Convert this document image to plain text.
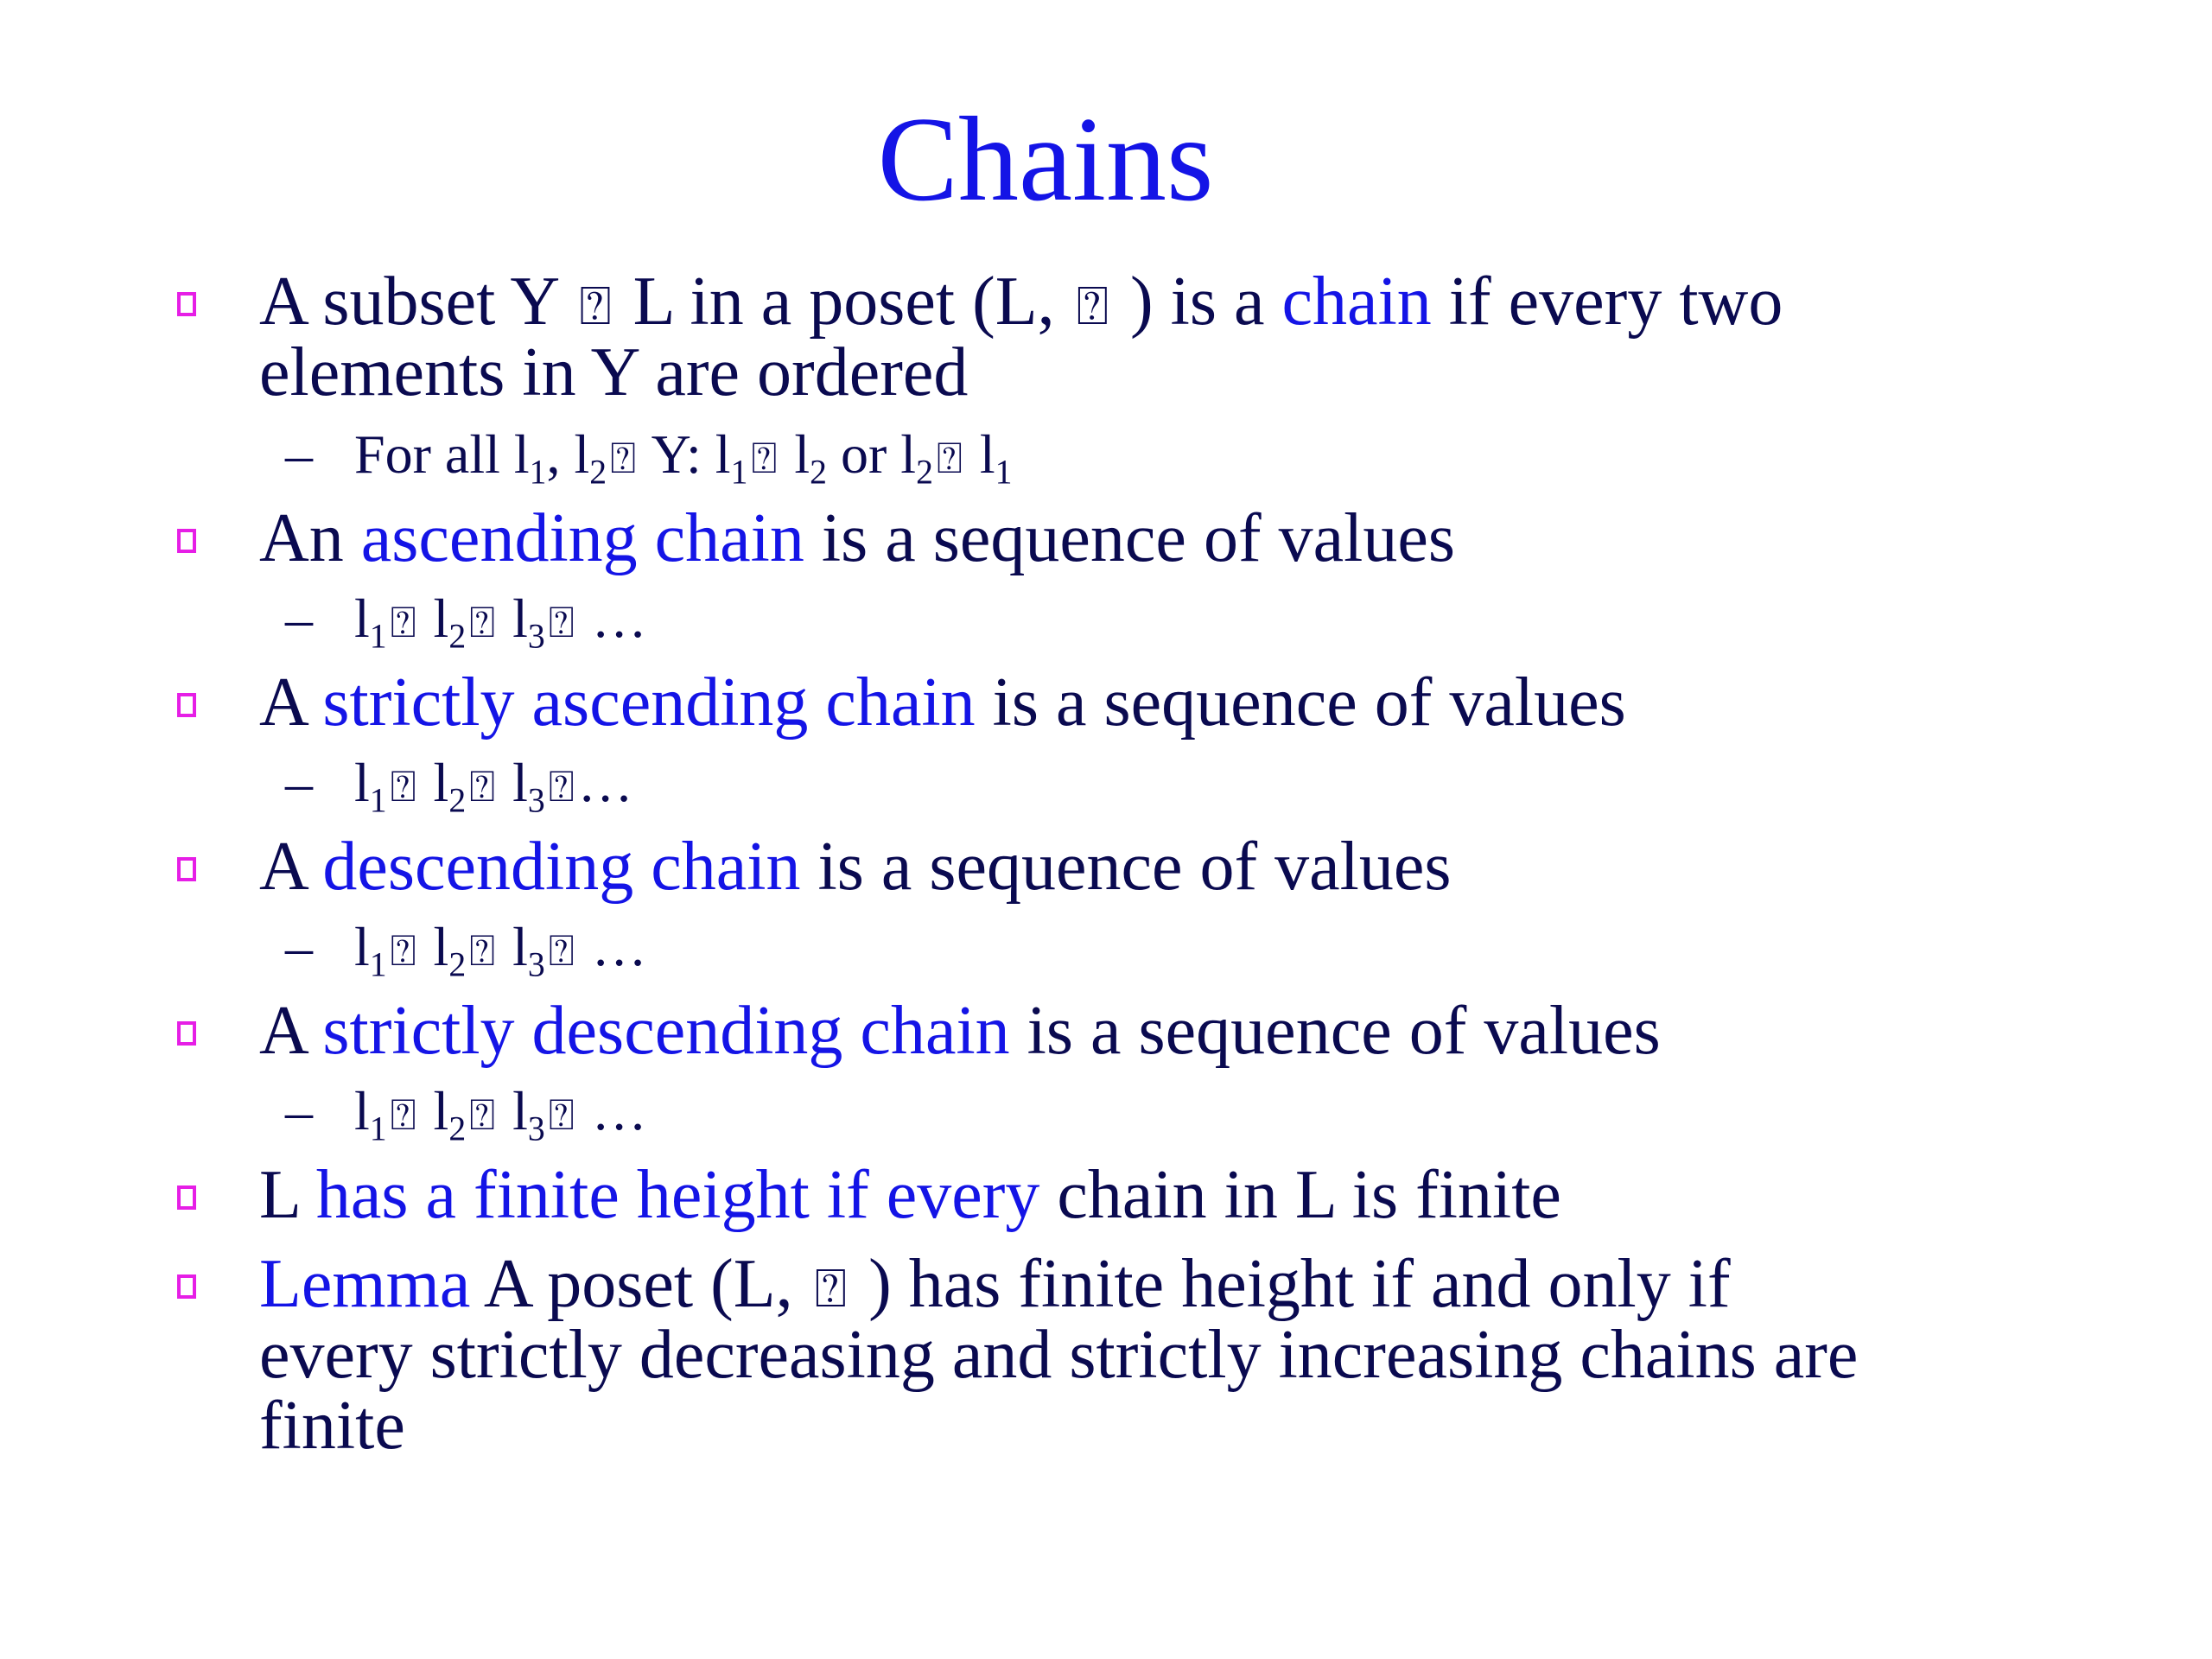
Chains
A subset Y ⍰ L in a poset (L, ⍰ ) is a chain if every two
elements in Y are ordered
– For all $l_1$, $l_2⍰$ Y: $l_1⍰$ $l_2$ or $l_2⍰$ $l_1$
An ascending chain is a sequence of values
– $l_1⍰$ $l_2⍰$ $l_3⍰$ …
A strictly ascending chain is a sequence of values
– $l_1⍰$ $l_2⍰$ $l_3⍰\dots$
A descending chain is a sequence of values
– $l_1⍰$ $l_2⍰$ $l_3⍰$ …
A strictly descending chain is a sequence of values
– $l_1⍰$ $l_2⍰$ $l_3⍰$ …
L has a finite height if every chain in L is finite
Lemma A poset (L, ⍰ ) has finite height if and only if
every strictly decreasing and strictly increasing chains are
finite
